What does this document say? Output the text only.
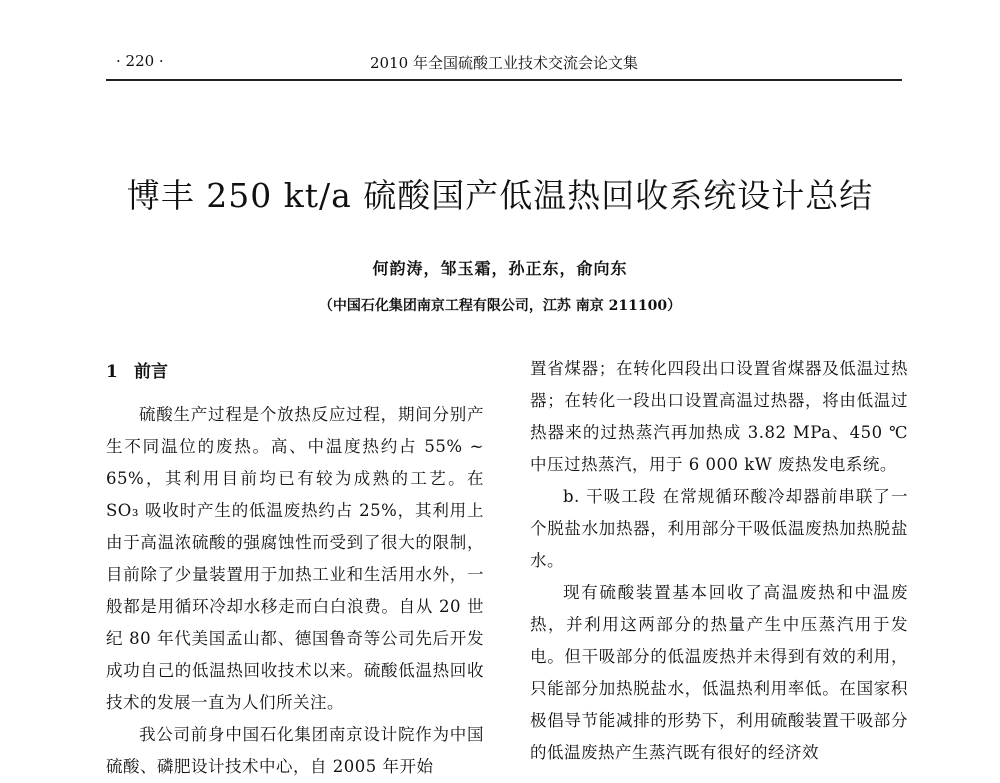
· 220 ·	2010 年全国硫酸工业技术交流会论文集
博丰 250 kt/a 硫酸国产低温热回收系统设计总结
何韵涛，邹玉霜，孙正东，俞向东
（中国石化集团南京工程有限公司，江苏 南京 211100）
1 前言

硫酸生产过程是个放热反应过程，期间分别产生不同温位的废热。高、中温度热约占 55% ~ 65%，其利用目前均已有较为成熟的工艺。在 SO₃ 吸收时产生的低温废热约占 25%，其利用上由于高温浓硫酸的强腐蚀性而受到了很大的限制，目前除了少量装置用于加热工业和生活用水外，一般都是用循环冷却水移走而白白浪费。自从 20 世纪 80 年代美国孟山都、德国鲁奇等公司先后开发成功自己的低温热回收技术以来。硫酸低温热回收技术的发展一直为人们所关注。

我公司前身中国石化集团南京设计院作为中国硫酸、磷肥设计技术中心，自 2005 年开始

置省煤器；在转化四段出口设置省煤器及低温过热器；在转化一段出口设置高温过热器，将由低温过热器来的过热蒸汽再加热成 3.82 MPa、450 ℃中压过热蒸汽，用于 6 000 kW 废热发电系统。

b. 干吸工段 在常规循环酸冷却器前串联了一个脱盐水加热器，利用部分干吸低温废热加热脱盐水。

现有硫酸装置基本回收了高温废热和中温废热，并利用这两部分的热量产生中压蒸汽用于发电。但干吸部分的低温废热并未得到有效的利用，只能部分加热脱盐水，低温热利用率低。在国家积极倡导节能减排的形势下，利用硫酸装置干吸部分的低温废热产生蒸汽既有很好的经济效
